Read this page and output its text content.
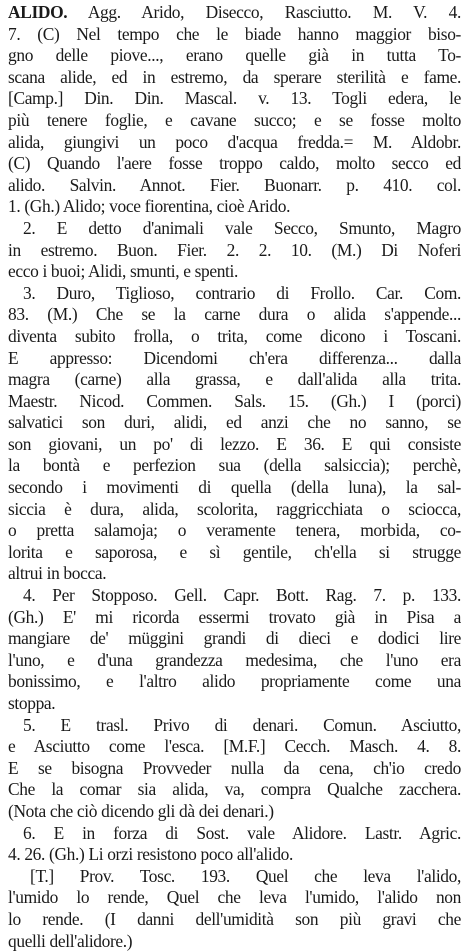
ALIDO. Agg. Arido, Disecco, Rasciutto. M. V. 4.
7. (C) Nel tempo che le biade hanno maggior biso-
gno delle piove..., erano quelle già in tutta To-
scana alide, ed in estremo, da sperare sterilità e fame.
[Camp.] Din. Din. Mascal. v. 13. Togli edera, le
più tenere foglie, e cavane succo; e se fosse molto
alida, giungivi un poco d'acqua fredda.= M. Aldobr.
(C) Quando l'aere fosse troppo caldo, molto secco ed
alido. Salvin. Annot. Fier. Buonarr. p. 410. col.
1. (Gh.) Alido; voce fiorentina, cioè Arido.
2. E detto d'animali vale Secco, Smunto, Magro
in estremo. Buon. Fier. 2. 2. 10. (M.) Di Noferi
ecco i buoi; Alidi, smunti, e spenti.
3. Duro, Tiglioso, contrario di Frollo. Car. Com.
83. (M.) Che se la carne dura o alida s'appende...
diventa subito frolla, o trita, come dicono i Toscani.
E appresso: Dicendomi ch'era differenza... dalla
magra (carne) alla grassa, e dall'alida alla trita.
Maestr. Nicod. Commen. Sals. 15. (Gh.) I (porci)
salvatici son duri, alidi, ed anzi che no sanno, se
son giovani, un po' di lezzo. E 36. E qui consiste
la bontà e perfezion sua (della salsiccia); perchè,
secondo i movimenti di quella (della luna), la sal-
siccia è dura, alida, scolorita, raggricchiata o sciocca,
o pretta salamoja; o veramente tenera, morbida, co-
lorita e saporosa, e sì gentile, ch'ella si strugge
altrui in bocca.
4. Per Stopposo. Gell. Capr. Bott. Rag. 7. p. 133.
(Gh.) E' mi ricorda essermi trovato già in Pisa a
mangiare de' müggini grandi di dieci e dodici lire
l'uno, e d'una grandezza medesima, che l'uno era
bonissimo, e l'altro alido propriamente come una
stoppa.
5. E trasl. Privo di denari. Comun. Asciutto,
e Asciutto come l'esca. [M.F.] Cecch. Masch. 4. 8.
E se bisogna Provveder nulla da cena, ch'io credo
Che la comar sia alida, va, compra Qualche zacchera.
(Nota che ciò dicendo gli dà dei denari.)
6. E in forza di Sost. vale Alidore. Lastr. Agric.
4. 26. (Gh.) Li orzi resistono poco all'alido.
[T.] Prov. Tosc. 193. Quel che leva l'alido,
l'umido lo rende, Quel che leva l'umido, l'alido non
lo rende. (I danni dell'umidità son più gravi che
quelli dell'alidore.)
